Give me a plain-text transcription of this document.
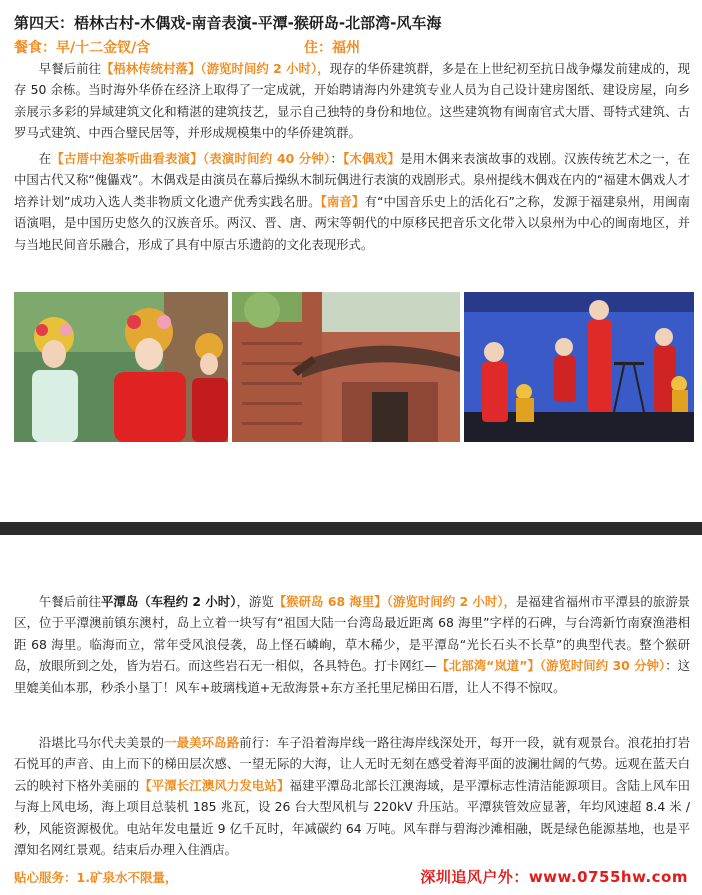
第四天：梧林古村-木偶戏-南音表演-平潭-猴研岛-北部湾-风车海
餐食：早/十二金钗/含	住：福州

早餐后前往【梧林传统村落】（游览时间约 2 小时），现存的华侨建筑群，多是在上世纪初至抗日战争爆发前建成的，现存 50 余栋。当时海外华侨在经济上取得了一定成就，开始聘请海内外建筑专业人员为自己设计建房图纸、建设房屋，向乡亲展示多彩的异域建筑文化和精湛的建筑技艺，显示自己独特的身份和地位。这些建筑物有闽南官式大厝、哥特式建筑、古罗马式建筑、中西合璧民居等，并形成规模集中的华侨建筑群。

在【古厝中泡茶听曲看表演】（表演时间约 40 分钟）：【木偶戏】是用木偶来表演故事的戏剧。汉族传统艺术之一，在中国古代又称“傀儡戏”。木偶戏是由演员在幕后操纵木制玩偶进行表演的戏剧形式。泉州提线木偶戏在内的“福建木偶戏人才培养计划”成功入选人类非物质文化遗产优秀实践名册。【南音】有“中国音乐史上的活化石”之称，发源于福建泉州，用闽南语演唱，是中国历史悠久的汉族音乐。两汉、晋、唐、两宋等朝代的中原移民把音乐文化带入以泉州为中心的闽南地区，并与当地民间音乐融合，形成了具有中原古乐遗韵的文化表现形式。

午餐后前往平潭岛（车程约 2 小时），游览【猴研岛 68 海里】（游览时间约 2 小时），是福建省福州市平潭县的旅游景区，位于平潭澳前镇东澳村，岛上立着一块写有“祖国大陆一台湾岛最近距离 68 海里”字样的石碑，与台湾新竹南寮渔港相距 68 海里。临海而立，常年受风浪侵袭，岛上怪石嶙峋，草木稀少，是平潭岛“光长石头不长草”的典型代表。整个猴研岛，放眼所到之处，皆为岩石。而这些岩石无一相似，各具特色。打卡网红—【北部湾“岚道”】（游览时间约 30 分钟）：这里媲美仙本那，秒杀小垦丁！风车+玻璃栈道+无敌海景+东方圣托里尼梯田石厝，让人不得不惊叹。

沿堪比马尔代夫美景的一最美环岛路前行：车子沿着海岸线一路往海岸线深处开，每开一段，就有观景台。浪花拍打岩石悦耳的声音、由上而下的梯田层次感、一望无际的大海，让人无时无刻在感受着海平面的波澜壮阔的气势。远观在蓝天白云的映衬下格外美丽的【平潭长江澳风力发电站】福建平潭岛北部长江澳海域，是平潭标志性清洁能源项目。含陆上风车田与海上风电场，海上项目总装机 185 兆瓦，设 26 台大型风机与 220kV 升压站。平潭狭管效应显著，年均风速超 8.4 米 / 秒，风能资源极优。电站年发电量近 9 亿千瓦时，年减碳约 64 万吨。风车群与碧海沙滩相融，既是绿色能源基地，也是平潭知名网红景观。结束后办理入住酒店。

贴心服务：1.矿泉水不限量，	深圳追风户外：www.0755hw.com
